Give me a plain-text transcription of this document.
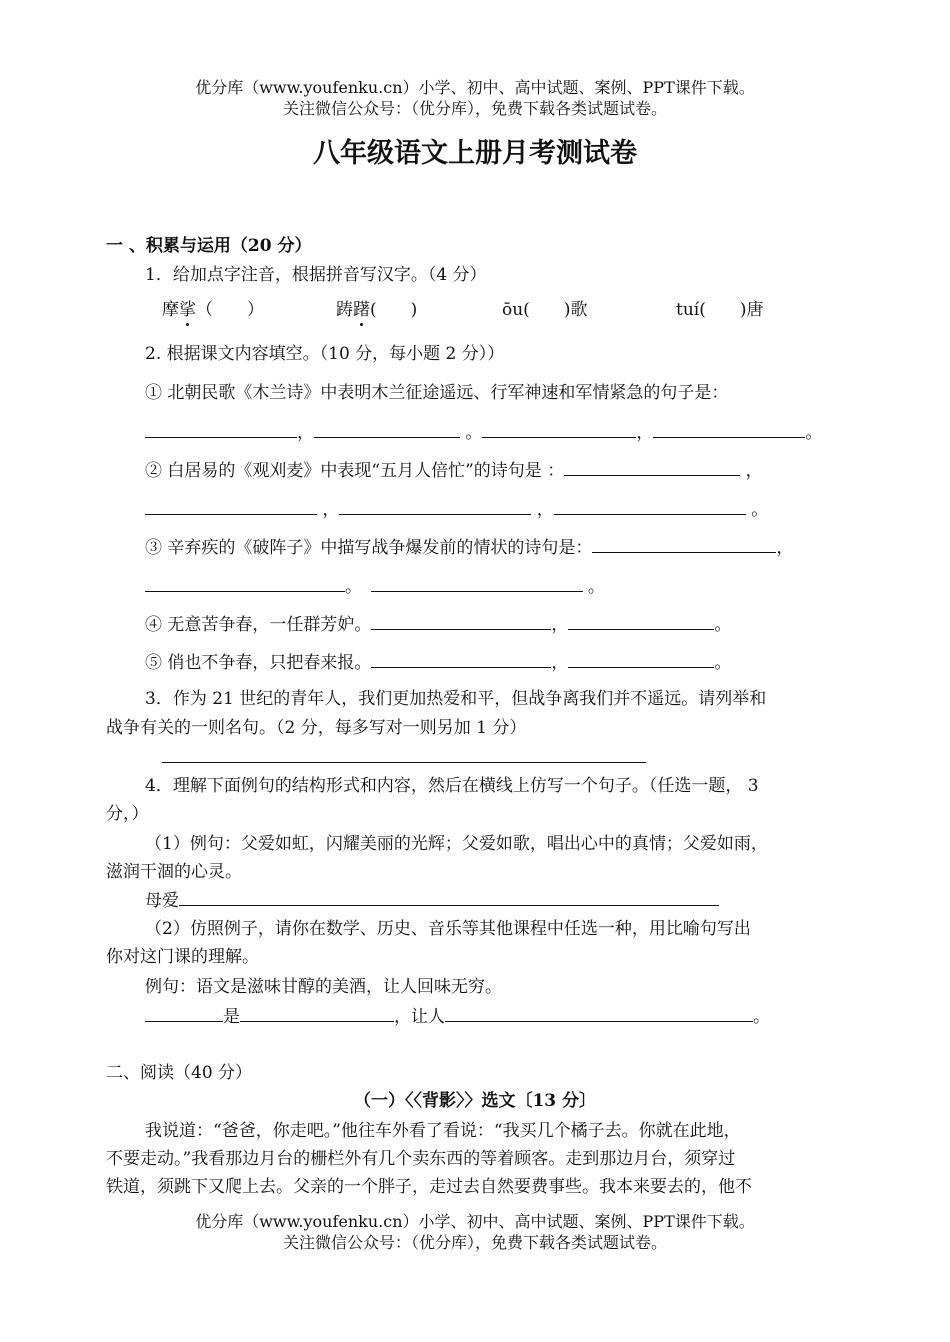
优分库（www.youfenku.cn）小学、初中、高中试题、案例、PPT课件下载。
关注微信公众号：（优分库），免费下载各类试题试卷。
八年级语文上册月考测试卷
一 、积累与运用（20 分）
1．给加点字注音，根据拼音写汉字。（4 分）
摩挲（　　）	踌躇(　　)	ōu(　　)歌	tuí(　　)唐
2. 根据课文内容填空。（10 分，每小题 2 分））
① 北朝民歌《木兰诗》中表明木兰征途遥远、行军神速和军情紧急的句子是：
，	。	，	。
② 白居易的《观刈麦》中表现“五月人倍忙”的诗句是 ：	，
，	，	。
③ 辛弃疾的《破阵子》中描写战争爆发前的情状的诗句是：	，
。　	。
④ 无意苦争春，一任群芳妒。	，	。
⑤ 俏也不争春，只把春来报。	，	。
3．作为 21 世纪的青年人，我们更加热爱和平，但战争离我们并不遥远。请列举和
战争有关的一则名句。（2 分，每多写对一则另加 1 分）
4．理解下面例句的结构形式和内容，然后在横线上仿写一个句子。（任选一题， 3
分，）
（1）例句：父爱如虹，闪耀美丽的光辉；父爱如歌，唱出心中的真情；父爱如雨，
滋润干涸的心灵。
母爱
（2）仿照例子，请你在数学、历史、音乐等其他课程中任选一种，用比喻句写出
你对这门课的理解。
例句：语文是滋味甘醇的美酒，让人回味无穷。
是	，让人	。
二、阅读（40 分）
（一）〈〈背影〉〉选文〔13 分〕
我说道：“爸爸，你走吧。”他往车外看了看说：“我买几个橘子去。你就在此地，
不要走动。”我看那边月台的栅栏外有几个卖东西的等着顾客。走到那边月台，须穿过
铁道，须跳下又爬上去。父亲的一个胖子，走过去自然要费事些。我本来要去的，他不
优分库（www.youfenku.cn）小学、初中、高中试题、案例、PPT课件下载。
关注微信公众号：（优分库），免费下载各类试题试卷。
